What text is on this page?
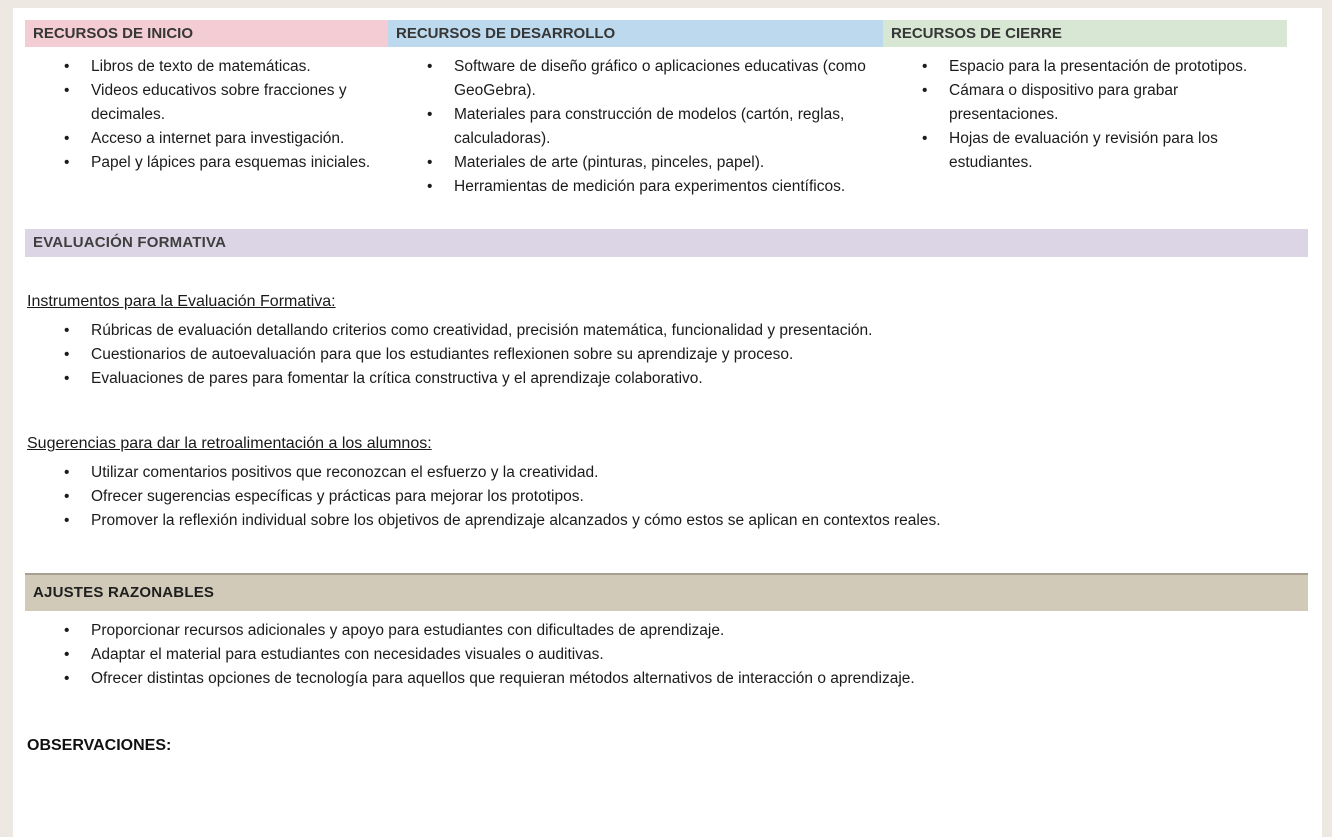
RECURSOS DE INICIO
• Libros de texto de matemáticas.
• Videos educativos sobre fracciones y decimales.
• Acceso a internet para investigación.
• Papel y lápices para esquemas iniciales.
RECURSOS DE DESARROLLO
• Software de diseño gráfico o aplicaciones educativas (como GeoGebra).
• Materiales para construcción de modelos (cartón, reglas, calculadoras).
• Materiales de arte (pinturas, pinceles, papel).
• Herramientas de medición para experimentos científicos.
RECURSOS DE CIERRE
• Espacio para la presentación de prototipos.
• Cámara o dispositivo para grabar presentaciones.
• Hojas de evaluación y revisión para los estudiantes.
EVALUACIÓN FORMATIVA
Instrumentos para la Evaluación Formativa:
• Rúbricas de evaluación detallando criterios como creatividad, precisión matemática, funcionalidad y presentación.
• Cuestionarios de autoevaluación para que los estudiantes reflexionen sobre su aprendizaje y proceso.
• Evaluaciones de pares para fomentar la crítica constructiva y el aprendizaje colaborativo.
Sugerencias para dar la retroalimentación a los alumnos:
• Utilizar comentarios positivos que reconozcan el esfuerzo y la creatividad.
• Ofrecer sugerencias específicas y prácticas para mejorar los prototipos.
• Promover la reflexión individual sobre los objetivos de aprendizaje alcanzados y cómo estos se aplican en contextos reales.
AJUSTES RAZONABLES
• Proporcionar recursos adicionales y apoyo para estudiantes con dificultades de aprendizaje.
• Adaptar el material para estudiantes con necesidades visuales o auditivas.
• Ofrecer distintas opciones de tecnología para aquellos que requieran métodos alternativos de interacción o aprendizaje.
OBSERVACIONES:
